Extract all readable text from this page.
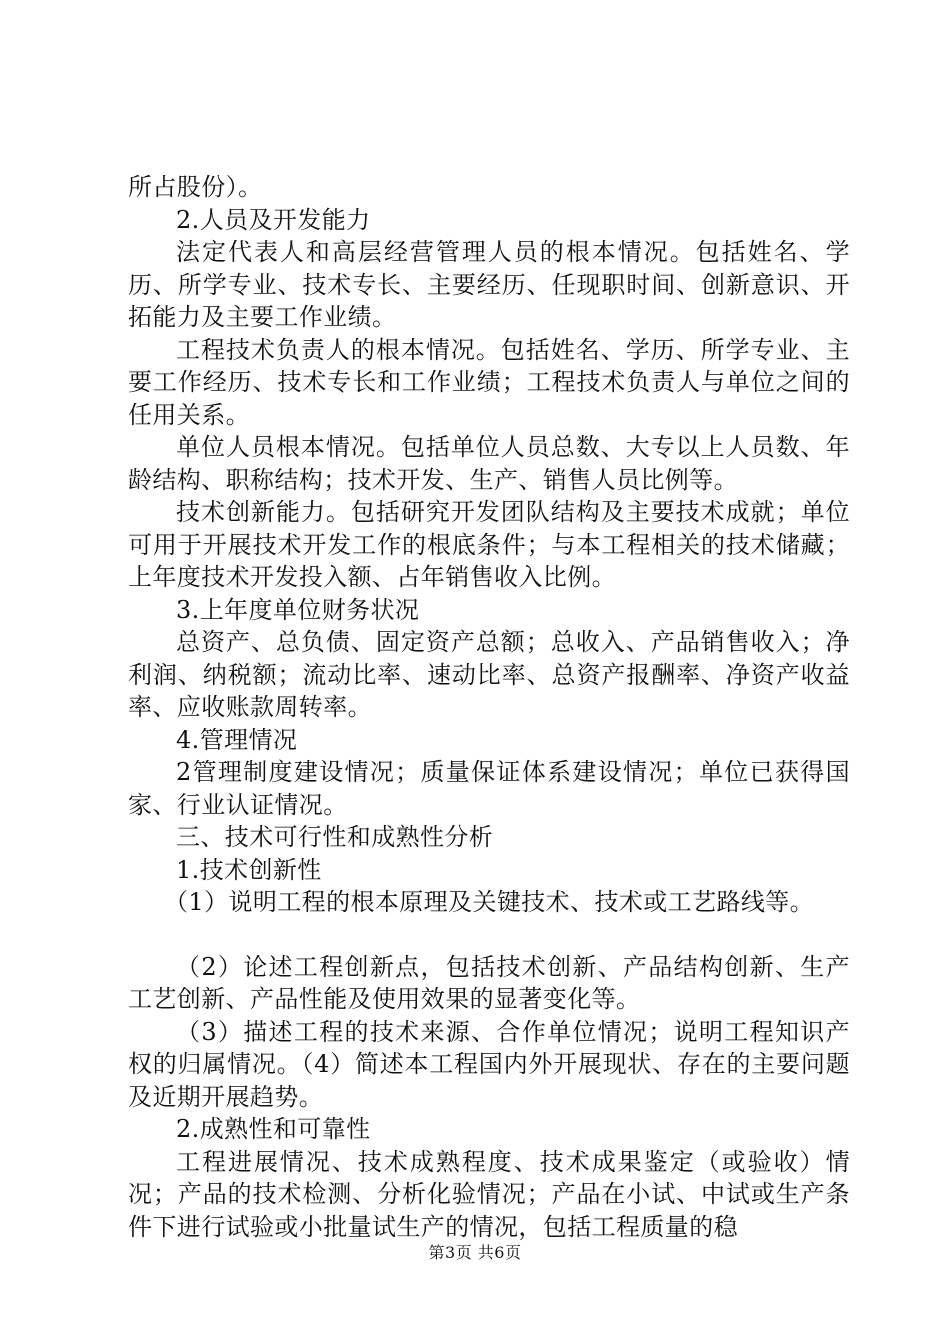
所占股份）。

2.人员及开发能力

法定代表人和高层经营管理人员的根本情况。包括姓名、学历、所学专业、技术专长、主要经历、任现职时间、创新意识、开拓能力及主要工作业绩。

工程技术负责人的根本情况。包括姓名、学历、所学专业、主要工作经历、技术专长和工作业绩；工程技术负责人与单位之间的任用关系。

单位人员根本情况。包括单位人员总数、大专以上人员数、年龄结构、职称结构；技术开发、生产、销售人员比例等。

技术创新能力。包括研究开发团队结构及主要技术成就；单位可用于开展技术开发工作的根底条件；与本工程相关的技术储藏；上年度技术开发投入额、占年销售收入比例。

3.上年度单位财务状况

总资产、总负债、固定资产总额；总收入、产品销售收入；净利润、纳税额；流动比率、速动比率、总资产报酬率、净资产收益率、应收账款周转率。

4.管理情况

2管理制度建设情况；质量保证体系建设情况；单位已获得国家、行业认证情况。

三、技术可行性和成熟性分析

1.技术创新性

（1）说明工程的根本原理及关键技术、技术或工艺路线等。

（2）论述工程创新点，包括技术创新、产品结构创新、生产工艺创新、产品性能及使用效果的显著变化等。

（3）描述工程的技术来源、合作单位情况；说明工程知识产权的归属情况。（4）简述本工程国内外开展现状、存在的主要问题及近期开展趋势。

2.成熟性和可靠性

工程进展情况、技术成熟程度、技术成果鉴定（或验收）情况；产品的技术检测、分析化验情况；产品在小试、中试或生产条件下进行试验或小批量试生产的情况，包括工程质量的稳

第3页 共6页
